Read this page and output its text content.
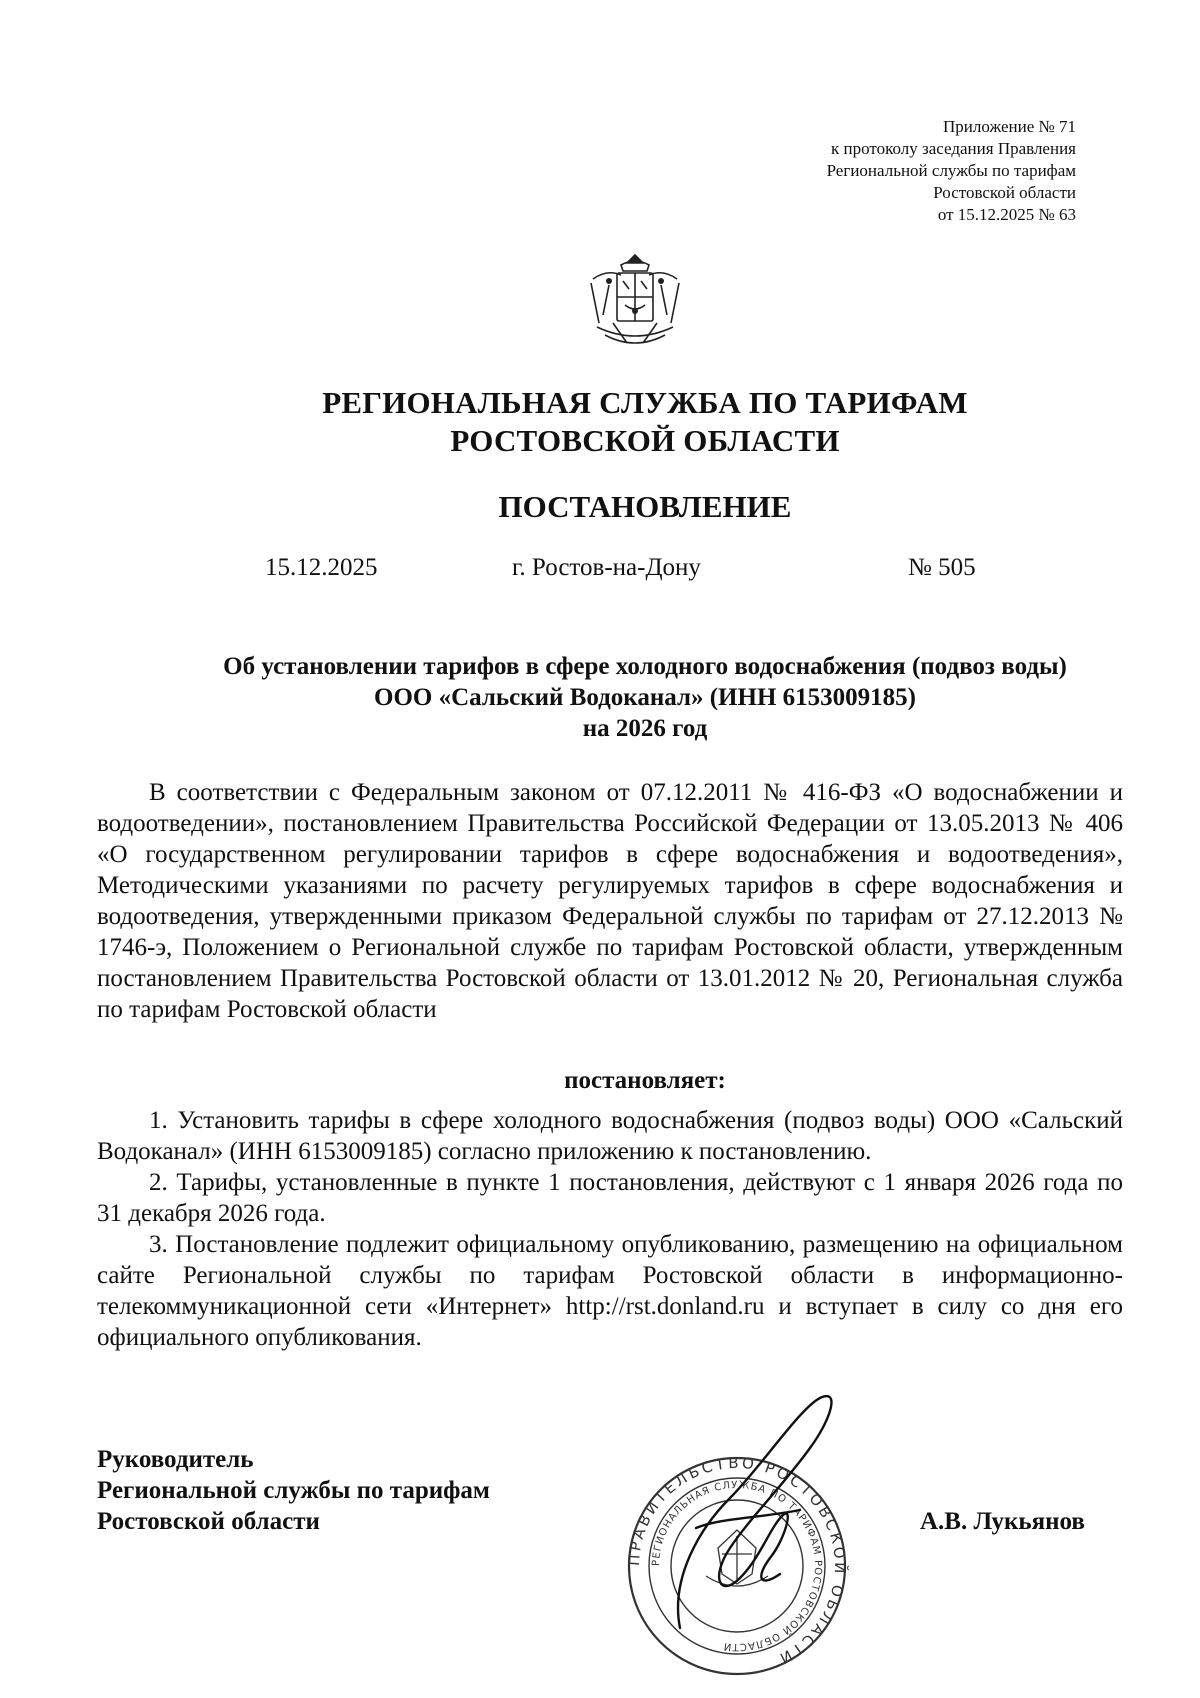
Приложение № 71
к протоколу заседания Правления
Региональной службы по тарифам
Ростовской области
от 15.12.2025 № 63
РЕГИОНАЛЬНАЯ СЛУЖБА ПО ТАРИФАМ
РОСТОВСКОЙ ОБЛАСТИ
ПОСТАНОВЛЕНИЕ
15.12.2025	г. Ростов-на-Дону	№ 505
Об установлении тарифов в сфере холодного водоснабжения (подвоз воды)
ООО «Сальский Водоканал» (ИНН 6153009185)
на 2026 год

В соответствии с Федеральным законом от 07.12.2011 № 416-ФЗ «О водоснабжении и водоотведении», постановлением Правительства Российской Федерации от 13.05.2013 № 406 «О государственном регулировании тарифов в сфере водоснабжения и водоотведения», Методическими указаниями по расчету регулируемых тарифов в сфере водоснабжения и водоотведения, утвержденными приказом Федеральной службы по тарифам от 27.12.2013 № 1746-э, Положением о Региональной службе по тарифам Ростовской области, утвержденным постановлением Правительства Ростовской области от 13.01.2012 № 20, Региональная служба по тарифам Ростовской области

постановляет:

1. Установить тарифы в сфере холодного водоснабжения (подвоз воды) ООО «Сальский Водоканал» (ИНН 6153009185) согласно приложению к постановлению.

2. Тарифы, установленные в пункте 1 постановления, действуют с 1 января 2026 года по 31 декабря 2026 года.

3. Постановление подлежит официальному опубликованию, размещению на официальном сайте Региональной службы по тарифам Ростовской области в информационно-телекоммуникационной сети «Интернет» http://rst.donland.ru и вступает в силу со дня его официального опубликования.

Руководитель
Региональной службы по тарифам
Ростовской области
ПРАВИТЕЛЬСТВО РОСТОВСКОЙ ОБЛАСТИ
РЕГИОНАЛЬНАЯ СЛУЖБА ПО ТАРИФАМ РОСТОВСКОЙ ОБЛАСТИ
А.В. Лукьянов
